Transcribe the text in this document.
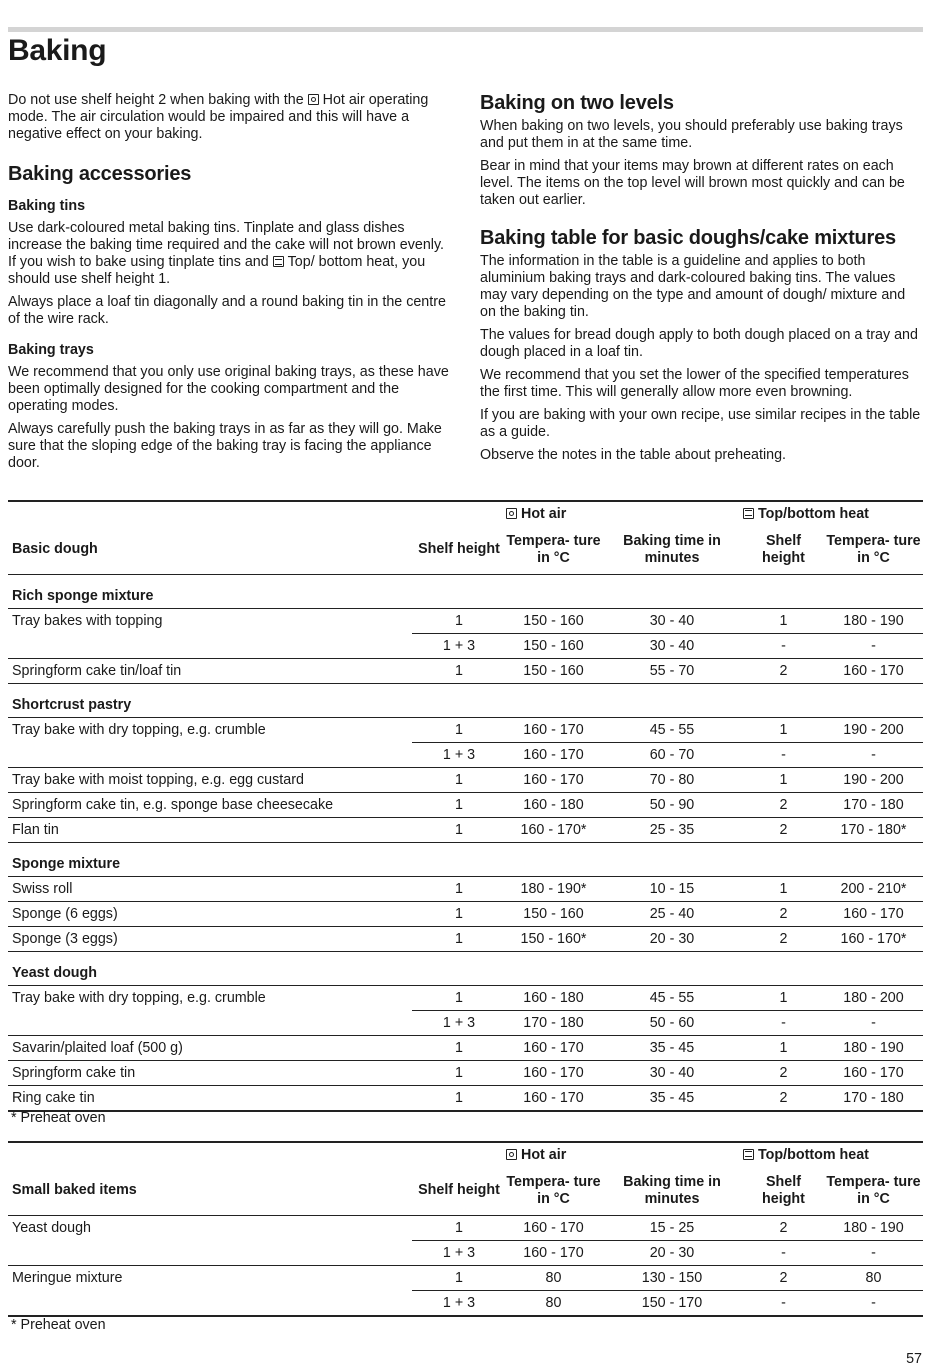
Baking

Do not use shelf height 2 when baking with the Hot air operating mode. The air circulation would be impaired and this will have a negative effect on your baking.

Baking accessories
Baking tins

Use dark-coloured metal baking tins. Tinplate and glass dishes increase the baking time required and the cake will not brown evenly. If you wish to bake using tinplate tins and Top/ bottom heat, you should use shelf height 1.

Always place a loaf tin diagonally and a round baking tin in the centre of the wire rack.

Baking trays

We recommend that you only use original baking trays, as these have been optimally designed for the cooking compartment and the operating modes.

Always carefully push the baking trays in as far as they will go. Make sure that the sloping edge of the baking tray is facing the appliance door.

Baking on two levels

When baking on two levels, you should preferably use baking trays and put them in at the same time.

Bear in mind that your items may brown at different rates on each level. The items on the top level will brown most quickly and can be taken out earlier.

Baking table for basic doughs/cake mixtures

The information in the table is a guideline and applies to both aluminium baking trays and dark-coloured baking tins. The values may vary depending on the type and amount of dough/ mixture and on the baking tin.

The values for bread dough apply to both dough placed on a tray and dough placed in a loaf tin.

We recommend that you set the lower of the specified temperatures the first time. This will generally allow more even browning.

If you are baking with your own recipe, use similar recipes in the table as a guide.

Observe the notes in the table about preheating.

		Hot air		Top/bottom heat	
Basic dough	Shelf height	Tempera- ture in °C	Baking time in minutes	Shelf height	Tempera- ture in °C

Rich sponge mixture					
Tray bakes with topping	1	150 - 160	30 - 40	1	180 - 190
	1 + 3	150 - 160	30 - 40	-	-
Springform cake tin/loaf tin	1	150 - 160	55 - 70	2	160 - 170

Shortcrust pastry					
Tray bake with dry topping, e.g. crumble	1	160 - 170	45 - 55	1	190 - 200
	1 + 3	160 - 170	60 - 70	-	-
Tray bake with moist topping, e.g. egg custard	1	160 - 170	70 - 80	1	190 - 200
Springform cake tin, e.g. sponge base cheesecake	1	160 - 180	50 - 90	2	170 - 180
Flan tin	1	160 - 170*	25 - 35	2	170 - 180*

Sponge mixture					
Swiss roll	1	180 - 190*	10 - 15	1	200 - 210*
Sponge (6 eggs)	1	150 - 160	25 - 40	2	160 - 170
Sponge (3 eggs)	1	150 - 160*	20 - 30	2	160 - 170*

Yeast dough					
Tray bake with dry topping, e.g. crumble	1	160 - 180	45 - 55	1	180 - 200
	1 + 3	170 - 180	50 - 60	-	-
Savarin/plaited loaf (500 g)	1	160 - 170	35 - 45	1	180 - 190
Springform cake tin	1	160 - 170	30 - 40	2	160 - 170
Ring cake tin	1	160 - 170	35 - 45	2	170 - 180
* Preheat oven
		Hot air		Top/bottom heat	
Small baked items	Shelf height	Tempera- ture in °C	Baking time in minutes	Shelf height	Tempera- ture in °C
Yeast dough	1	160 - 170	15 - 25	2	180 - 190
	1 + 3	160 - 170	20 - 30	-	-
Meringue mixture	1	80	130 - 150	2	80
	1 + 3	80	150 - 170	-	-
* Preheat oven
57
